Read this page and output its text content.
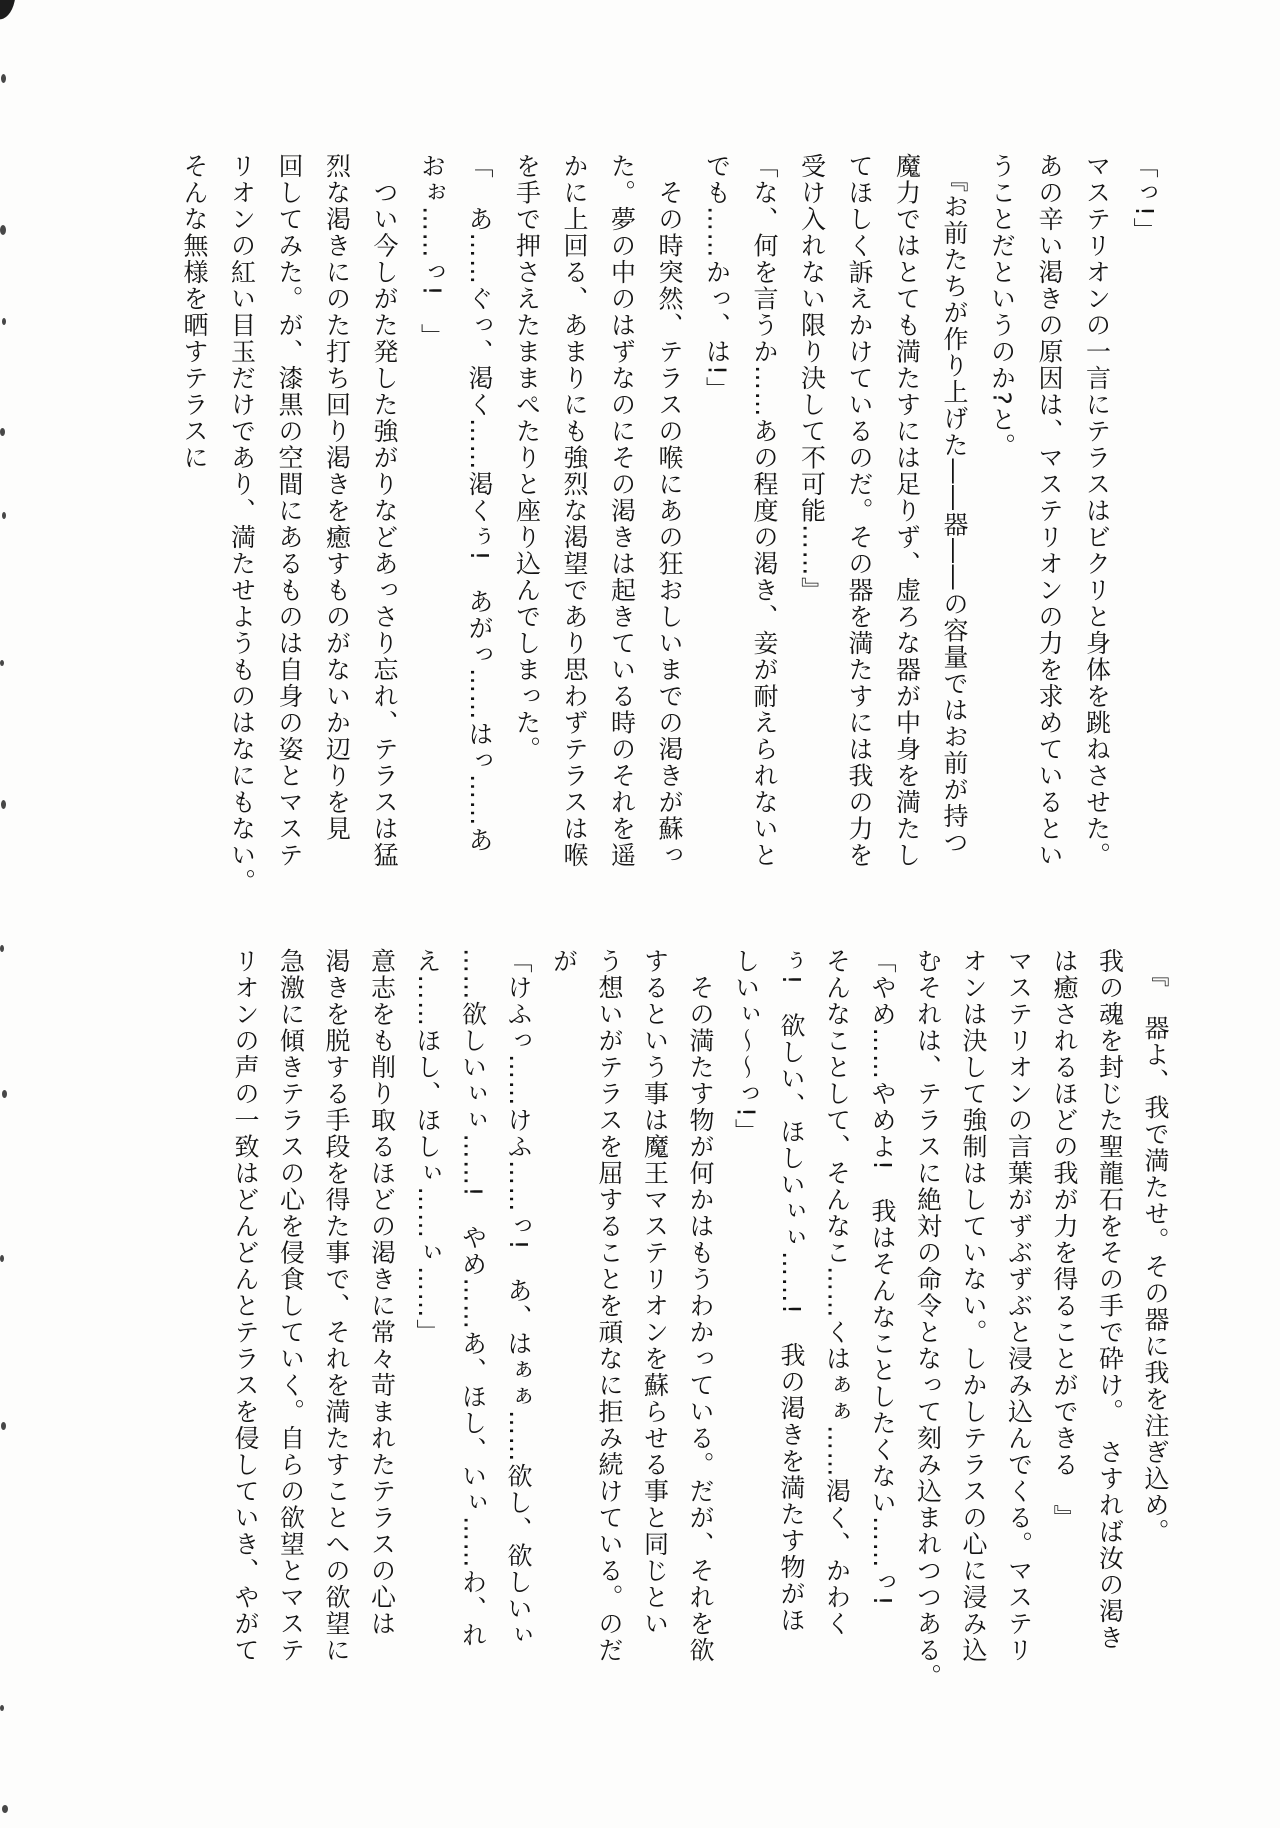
「っ!」
マステリオンの一言にテラスはビクリと身体を跳ねさせた。
あの辛い渇きの原因は、マステリオンの力を求めているとい
うことだというのか?と。
　『お前たちが作り上げた――器――の容量ではお前が持つ
魔力ではとても満たすには足りず、虚ろな器が中身を満たし
てほしく訴えかけているのだ。その器を満たすには我の力を
受け入れない限り決して不可能……』
「な、何を言うか……あの程度の渇き、妾が耐えられないと
でも……かっ、は!」
　その時突然、テラスの喉にあの狂おしいまでの渇きが蘇っ
た。夢の中のはずなのにその渇きは起きている時のそれを遥
かに上回る、あまりにも強烈な渇望であり思わずテラスは喉
を手で押さえたままぺたりと座り込んでしまった。
「　あ……ぐっ、渇く……渇くぅ!　あがっ……はっ……あ
おぉ……っ!　」
　つい今しがた発した強がりなどあっさり忘れ、テラスは猛
烈な渇きにのた打ち回り渇きを癒すものがないか辺りを見
回してみた。が、漆黒の空間にあるものは自身の姿とマステ
リオンの紅い目玉だけであり、満たせようものはなにもない。
そんな無様を晒すテラスに
　『　器よ、我で満たせ。その器に我を注ぎ込め。
我の魂を封じた聖龍石をその手で砕け。　さすれば汝の渇き
は癒されるほどの我が力を得ることができる　』
マステリオンの言葉がずぶずぶと浸み込んでくる。マステリ
オンは決して強制はしていない。しかしテラスの心に浸み込
むそれは、テラスに絶対の命令となって刻み込まれつつある。
「やめ……やめよ!　我はそんなことしたくない……っ!
そんなことして、そんなこ……くはぁぁ……渇く、かわく
ぅ!　欲しい、ほしいぃぃ……!　我の渇きを満たす物がほ
しいぃ〜〜っ!」
　その満たす物が何かはもうわかっている。だが、それを欲
するという事は魔王マステリオンを蘇らせる事と同じとい
う想いがテラスを屈することを頑なに拒み続けている。のだ
が
「けふっ……けふ……っ!　あ、はぁぁ……欲し、欲しいぃ
……欲しいぃぃ……!　やめ……あ、ほし、いぃ……わ、れ
え……ほし、ほしぃ……ぃ……」
意志をも削り取るほどの渇きに常々苛まれたテラスの心は
渇きを脱する手段を得た事で、それを満たすことへの欲望に
急激に傾きテラスの心を侵食していく。自らの欲望とマステ
リオンの声の一致はどんどんとテラスを侵していき、やがて
